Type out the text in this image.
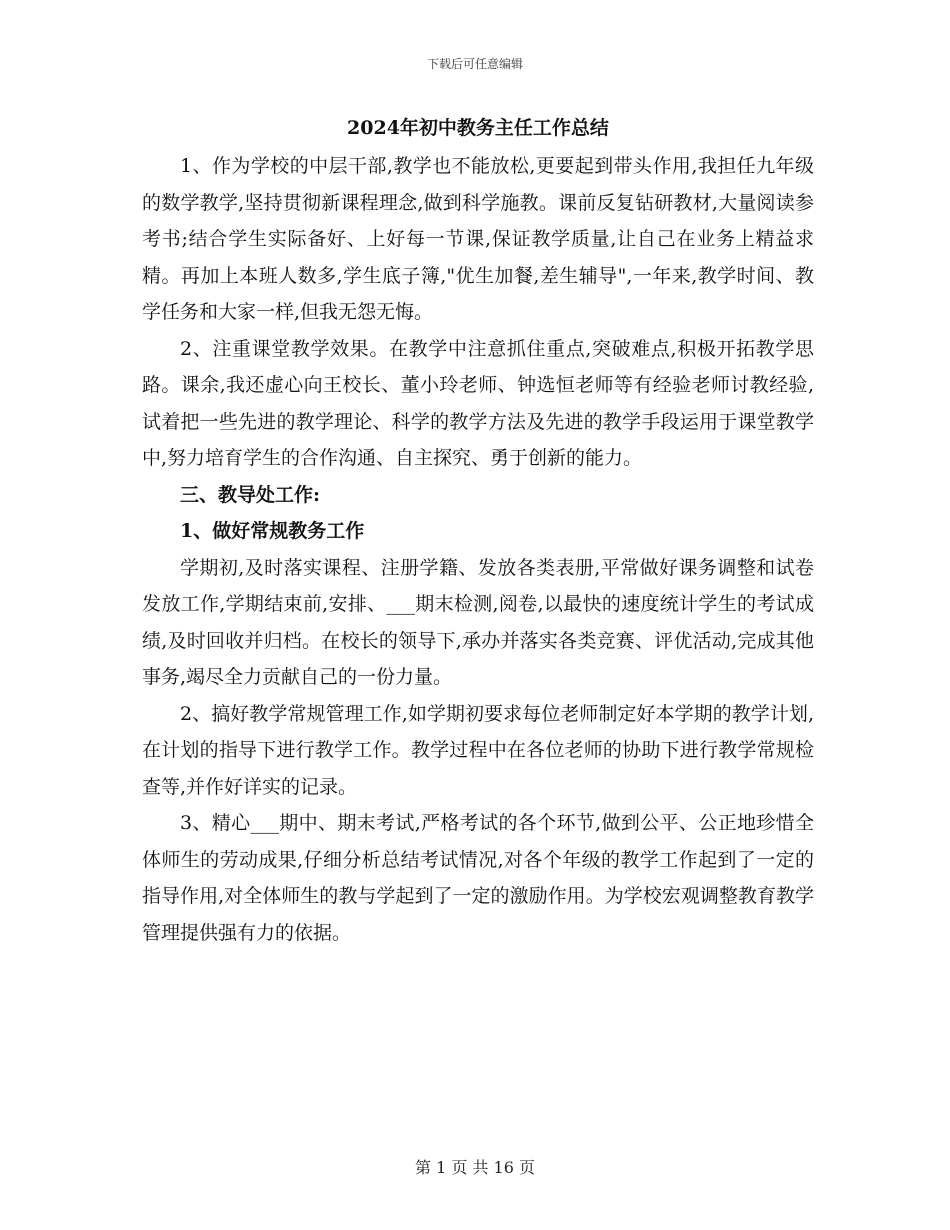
下载后可任意编辑
2024年初中教务主任工作总结

1、作为学校的中层干部,教学也不能放松,更要起到带头作用,我担任九年级的数学教学,坚持贯彻新课程理念,做到科学施教。课前反复钻研教材,大量阅读参考书;结合学生实际备好、上好每一节课,保证教学质量,让自己在业务上精益求精。再加上本班人数多,学生底子簿,"优生加餐,差生辅导",一年来,教学时间、教学任务和大家一样,但我无怨无悔。

2、注重课堂教学效果。在教学中注意抓住重点,突破难点,积极开拓教学思路。课余,我还虚心向王校长、董小玲老师、钟选恒老师等有经验老师讨教经验,试着把一些先进的教学理论、科学的教学方法及先进的教学手段运用于课堂教学中,努力培育学生的合作沟通、自主探究、勇于创新的能力。

三、教导处工作:

1、做好常规教务工作

学期初,及时落实课程、注册学籍、发放各类表册,平常做好课务调整和试卷发放工作,学期结束前,安排、___期末检测,阅卷,以最快的速度统计学生的考试成绩,及时回收并归档。在校长的领导下,承办并落实各类竞赛、评优活动,完成其他事务,竭尽全力贡献自己的一份力量。

2、搞好教学常规管理工作,如学期初要求每位老师制定好本学期的教学计划,在计划的指导下进行教学工作。教学过程中在各位老师的协助下进行教学常规检查等,并作好详实的记录。

3、精心___期中、期末考试,严格考试的各个环节,做到公平、公正地珍惜全体师生的劳动成果,仔细分析总结考试情况,对各个年级的教学工作起到了一定的指导作用,对全体师生的教与学起到了一定的激励作用。为学校宏观调整教育教学管理提供强有力的依据。

第 1 页 共 16 页
